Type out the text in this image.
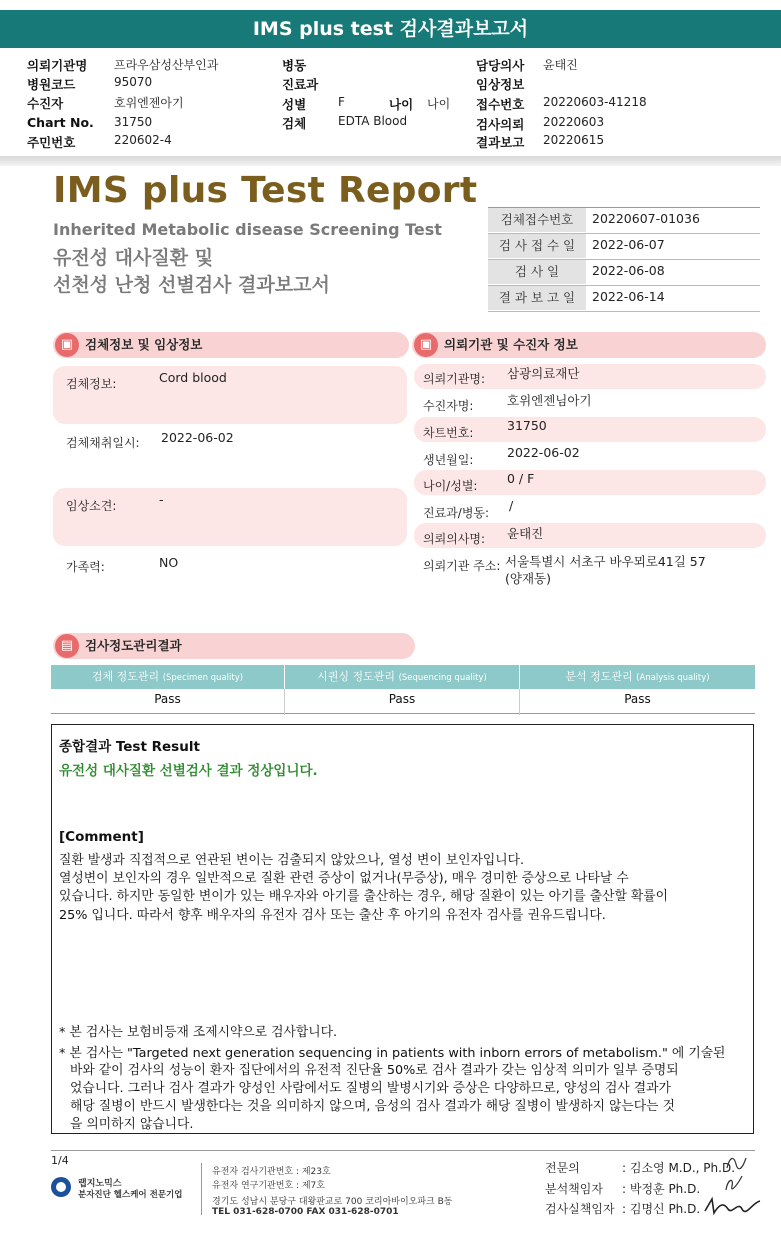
IMS plus test 검사결과보고서
의뢰기관명 프라우삼성산부인과
병원코드	95070
수진자	호위엔젠아기
Chart No. 31750
주민번호	220602-4
병동
진료과
성별	F
검체	EDTA Blood
나이 나이
담당의사 윤태진
임상정보
접수번호 20220603-41218
검사의뢰 20220603
결과보고 20220615
IMS plus Test Report
Inherited Metabolic disease Screening Test
유전성 대사질환 및
선천성 난청 선별검사 결과보고서
검체접수번호	20220607-01036
검 사 접 수 일	2022-06-07
검 사 일	2022-06-08
결 과 보 고 일	2022-06-14
▣ 검체정보 및 임상정보
검체정보:	Cord blood
검체채취일시: 2022-06-02
임상소견:	-
가족력:	NO
▣ 의뢰기관 및 수진자 정보
의뢰기관명: 삼광의료재단
수진자명:	호위엔젠님아기
차트번호:	31750
생년월일:	2022-06-02
나이/성별: 0 / F
진료과/병동: /
의뢰의사명: 윤태진
의뢰기관 주소: 서울특별시 서초구 바우뫼로41길 57
(양재동)
▤ 검사정도관리결과
검체 정도관리 (Specimen quality)	시퀀싱 정도관리 (Sequencing quality)	분석 정도관리 (Analysis quality)
Pass	Pass	Pass
종합결과 Test Result
유전성 대사질환 선별검사 결과 정상입니다.
[Comment]
질환 발생과 직접적으로 연관된 변이는 검출되지 않았으나, 열성 변이 보인자입니다.
열성변이 보인자의 경우 일반적으로 질환 관련 증상이 없거나(무증상), 매우 경미한 증상으로 나타날 수
있습니다. 하지만 동일한 변이가 있는 배우자와 아기를 출산하는 경우, 해당 질환이 있는 아기를 출산할 확률이
25% 입니다. 따라서 향후 배우자의 유전자 검사 또는 출산 후 아기의 유전자 검사를 권유드립니다.
* 본 검사는 보험비등재 조제시약으로 검사합니다.
* 본 검사는 "Targeted next generation sequencing in patients with inborn errors of metabolism." 에 기술된
바와 같이 검사의 성능이 환자 집단에서의 유전적 진단율 50%로 검사 결과가 갖는 임상적 의미가 일부 증명되
었습니다. 그러나 검사 결과가 양성인 사람에서도 질병의 발병시기와 증상은 다양하므로, 양성의 검사 결과가
해당 질병이 반드시 발생한다는 것을 의미하지 않으며, 음성의 검사 결과가 해당 질병이 발생하지 않는다는 것
을 의미하지 않습니다.
1/4
랩지노믹스
분자진단 헬스케어 전문기업
유전자 검사기관번호 : 제23호
유전자 연구기관번호 : 제7호
경기도 성남시 분당구 대왕판교로 700 코리아바이오파크 B동
TEL 031-628-0700 FAX 031-628-0701
전문의	: 김소영 M.D., Ph.D.
분석책임자 : 박정훈 Ph.D.
검사실책임자 : 김명신 Ph.D.
